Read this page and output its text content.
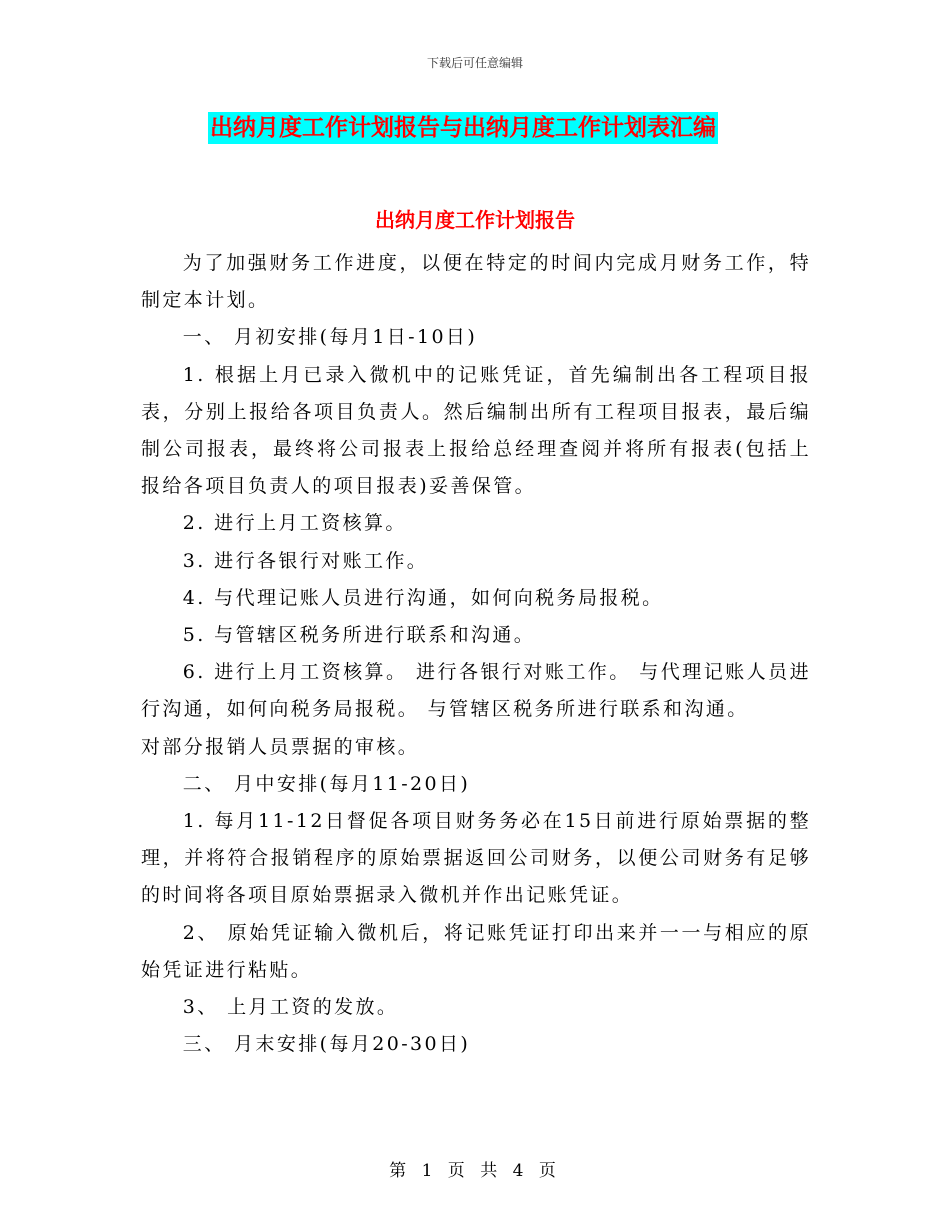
下载后可任意编辑
出纳月度工作计划报告与出纳月度工作计划表汇编
出纳月度工作计划报告

为了加强财务工作进度，以便在特定的时间内完成月财务工作，特制定本计划。

一、 月初安排(每月1日-10日)

1. 根据上月已录入微机中的记账凭证，首先编制出各工程项目报表，分别上报给各项目负责人。然后编制出所有工程项目报表，最后编制公司报表，最终将公司报表上报给总经理查阅并将所有报表(包括上报给各项目负责人的项目报表)妥善保管。

2. 进行上月工资核算。

3. 进行各银行对账工作。

4. 与代理记账人员进行沟通，如何向税务局报税。

5. 与管辖区税务所进行联系和沟通。

6. 进行上月工资核算。 进行各银行对账工作。 与代理记账人员进行沟通，如何向税务局报税。 与管辖区税务所进行联系和沟通。

对部分报销人员票据的审核。

二、 月中安排(每月11-20日)

1. 每月11-12日督促各项目财务务必在15日前进行原始票据的整理，并将符合报销程序的原始票据返回公司财务，以便公司财务有足够的时间将各项目原始票据录入微机并作出记账凭证。

2、 原始凭证输入微机后，将记账凭证打印出来并一一与相应的原始凭证进行粘贴。

3、 上月工资的发放。

三、 月末安排(每月20-30日)

第 1 页 共 4 页
